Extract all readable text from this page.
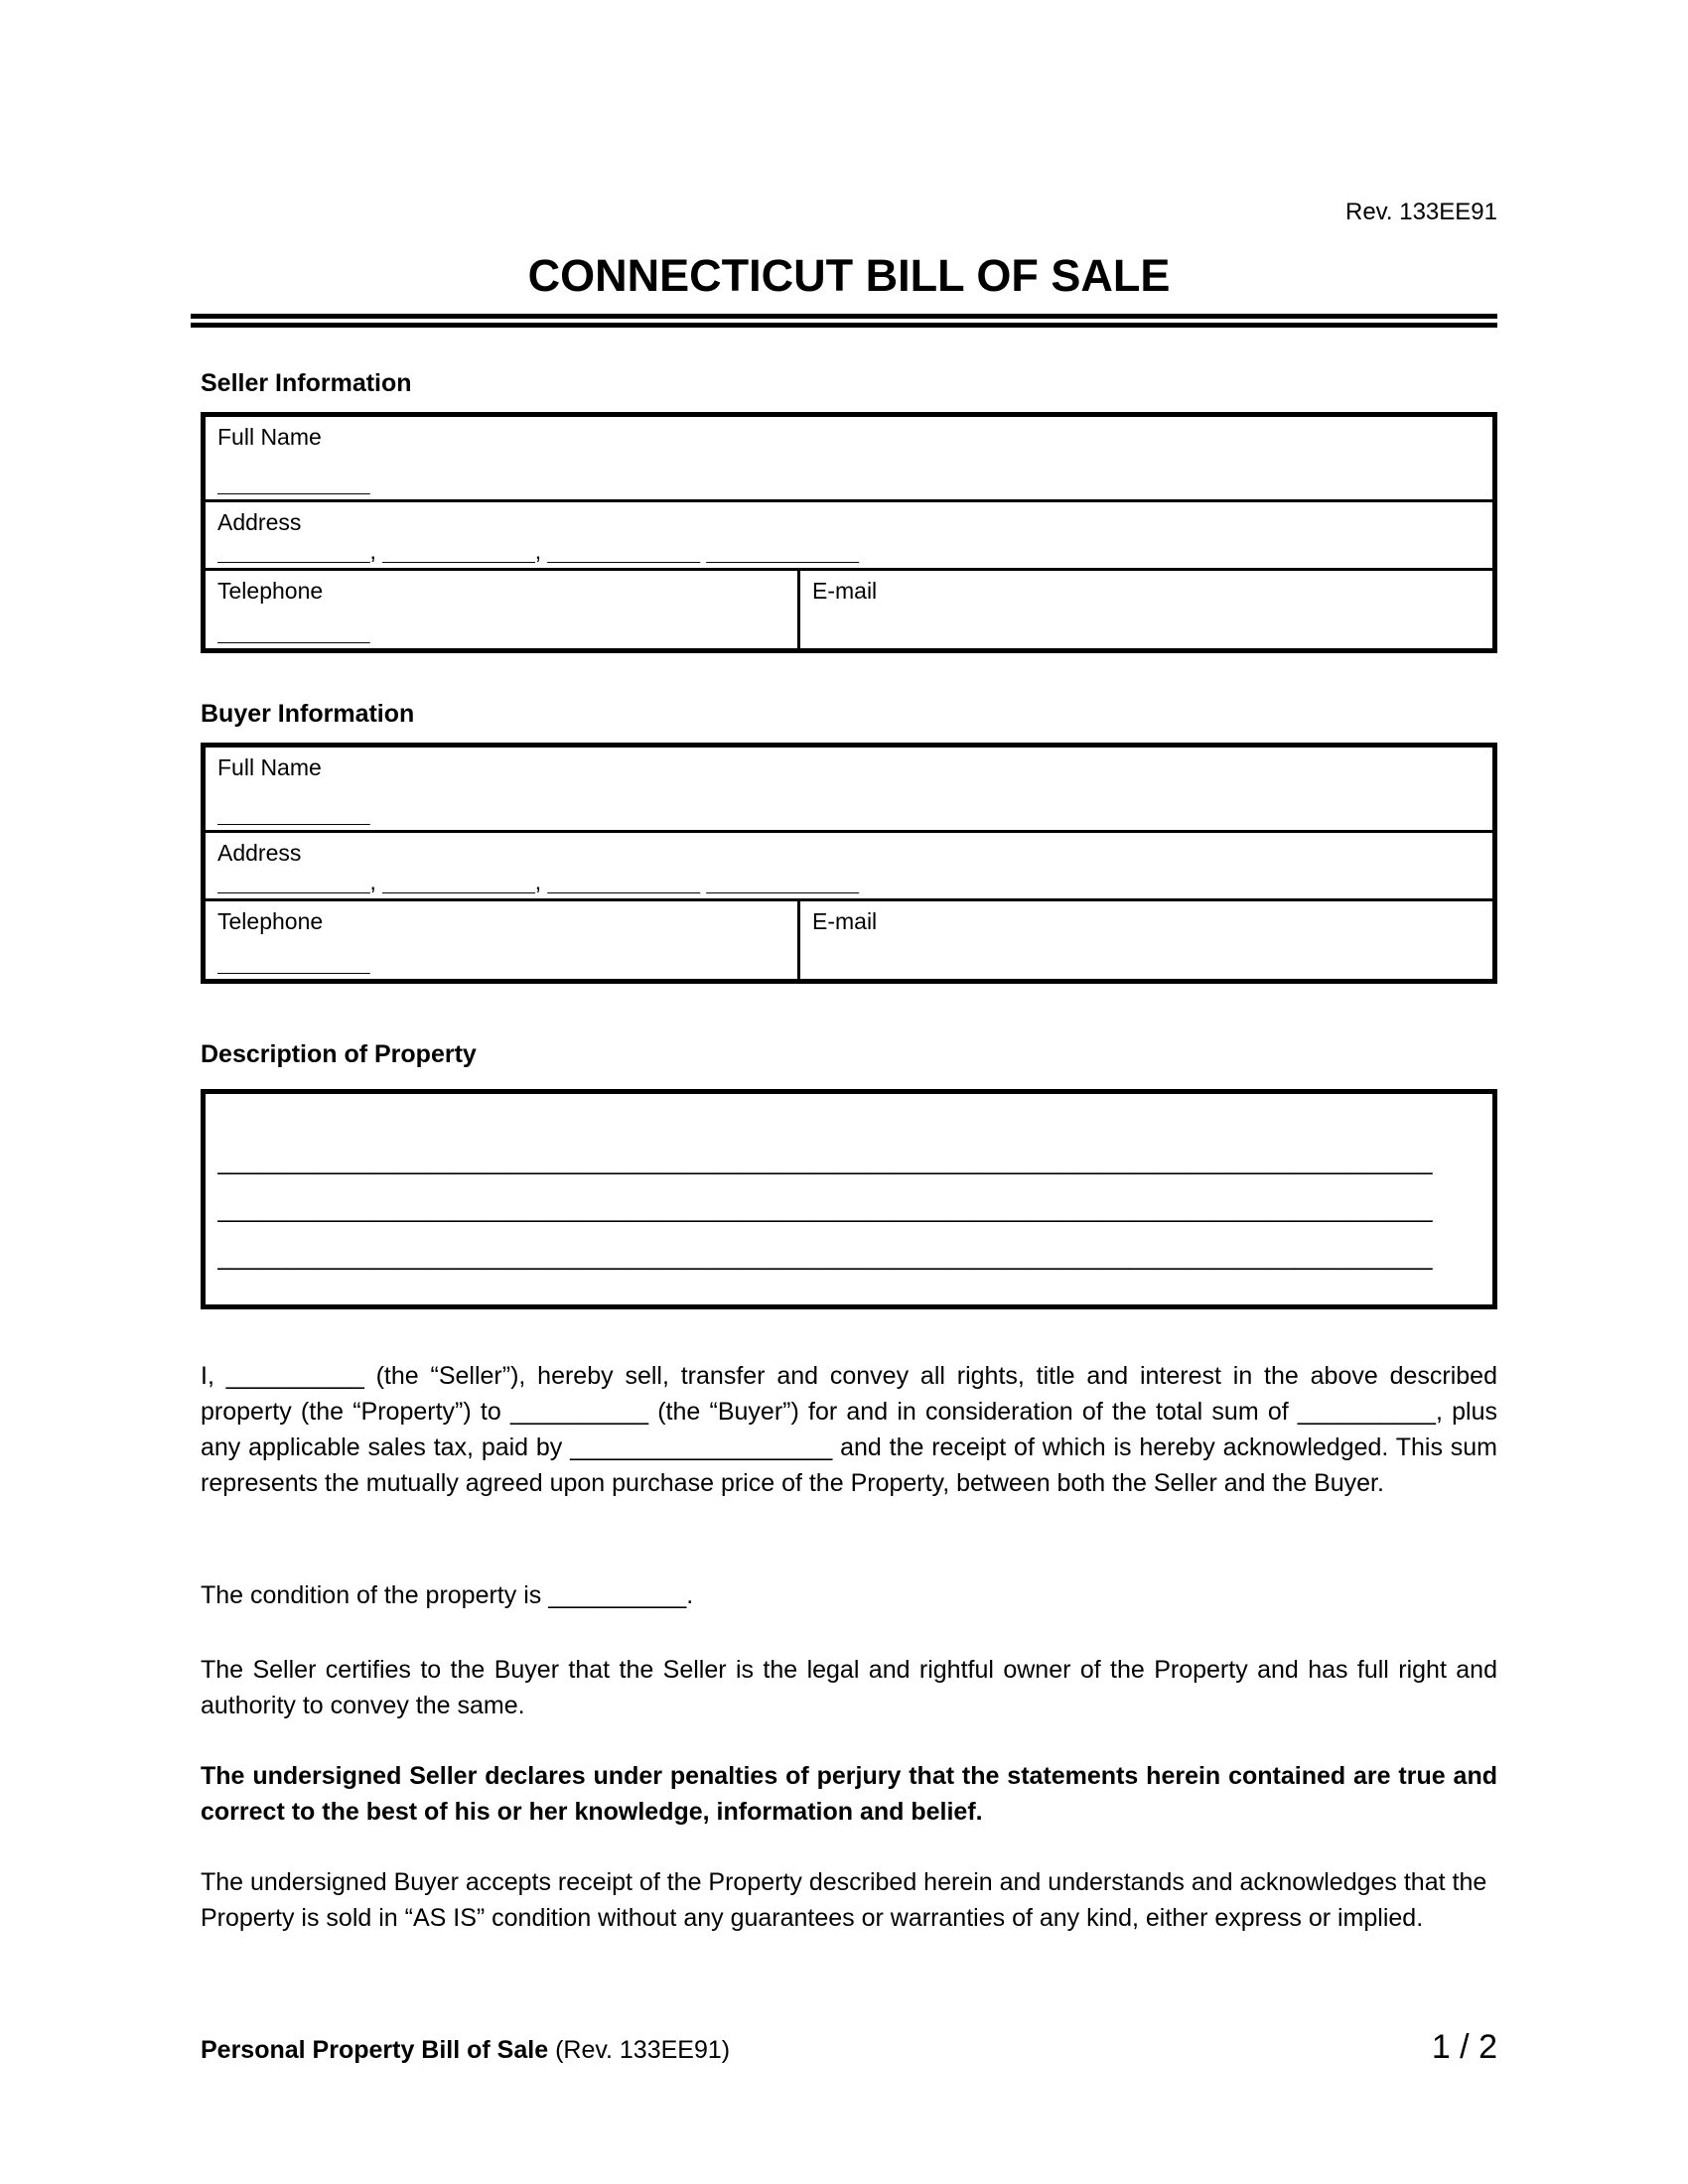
Rev. 133EE91
CONNECTICUT BILL OF SALE
Seller Information
Full Name
____________
Address
____________, ____________, ____________ ____________
Telephone
____________
E-mail
Buyer Information
Full Name
____________
Address
____________, ____________, ____________ ____________
Telephone
____________
E-mail
Description of Property
________________________________________________________________________________________
________________________________________________________________________________________
________________________________________________________________________________________

I, __________ (the “Seller”), hereby sell, transfer and convey all rights, title and interest in the above described property (the “Property”) to __________ (the “Buyer”) for and in consideration of the total sum of __________, plus any applicable sales tax, paid by ___________________ and the receipt of which is hereby acknowledged. This sum represents the mutually agreed upon purchase price of the Property, between both the Seller and the Buyer.

The condition of the property is __________.

The Seller certifies to the Buyer that the Seller is the legal and rightful owner of the Property and has full right and authority to convey the same.

The undersigned Seller declares under penalties of perjury that the statements herein contained are true and correct to the best of his or her knowledge, information and belief.

The undersigned Buyer accepts receipt of the Property described herein and understands and acknowledges that the Property is sold in “AS IS” condition without any guarantees or warranties of any kind, either express or implied.

Personal Property Bill of Sale (Rev. 133EE91)	1 / 2
